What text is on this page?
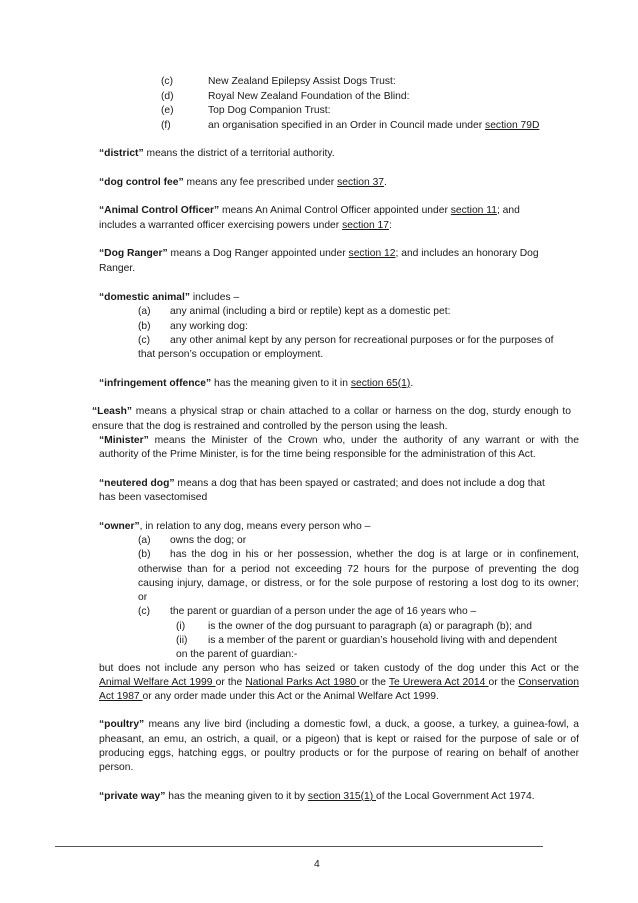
(c)	New Zealand Epilepsy Assist Dogs Trust:
(d)	Royal New Zealand Foundation of the Blind:
(e)	Top Dog Companion Trust:
(f)	an organisation specified in an Order in Council made under section 79D
“district” means the district of a territorial authority.
“dog control fee” means any fee prescribed under section 37.
“Animal Control Officer” means An Animal Control Officer appointed under section 11; and
includes a warranted officer exercising powers under section 17:
“Dog Ranger” means a Dog Ranger appointed under section 12; and includes an honorary Dog
Ranger.
“domestic animal” includes –
(a) any animal (including a bird or reptile) kept as a domestic pet:
(b) any working dog:
(c) any other animal kept by any person for recreational purposes or for the purposes of
that person’s occupation or employment.
“infringement offence” has the meaning given to it in section 65(1).
“Leash” means a physical strap or chain attached to a collar or harness on the dog, sturdy enough to
ensure that the dog is restrained and controlled by the person using the leash.
“Minister” means the Minister of the Crown who, under the authority of any warrant or with the
authority of the Prime Minister, is for the time being responsible for the administration of this Act.
“neutered dog” means a dog that has been spayed or castrated; and does not include a dog that
has been vasectomised
“owner”, in relation to any dog, means every person who –
(a) owns the dog; or
(b) has the dog in his or her possession, whether the dog is at large or in confinement,
otherwise than for a period not exceeding 72 hours for the purpose of preventing the dog
causing injury, damage, or distress, or for the sole purpose of restoring a lost dog to its owner;
or
(c) the parent or guardian of a person under the age of 16 years who –
(i) is the owner of the dog pursuant to paragraph (a) or paragraph (b); and
(ii) is a member of the parent or guardian’s household living with and dependent
on the parent of guardian:-
but does not include any person who has seized or taken custody of the dog under this Act or the
Animal Welfare Act 1999 or the National Parks Act 1980 or the Te Urewera Act 2014 or the Conservation
Act 1987 or any order made under this Act or the Animal Welfare Act 1999.
“poultry” means any live bird (including a domestic fowl, a duck, a goose, a turkey, a guinea-fowl, a
pheasant, an emu, an ostrich, a quail, or a pigeon) that is kept or raised for the purpose of sale or of
producing eggs, hatching eggs, or poultry products or for the purpose of rearing on behalf of another
person.
“private way” has the meaning given to it by section 315(1) of the Local Government Act 1974.
4
